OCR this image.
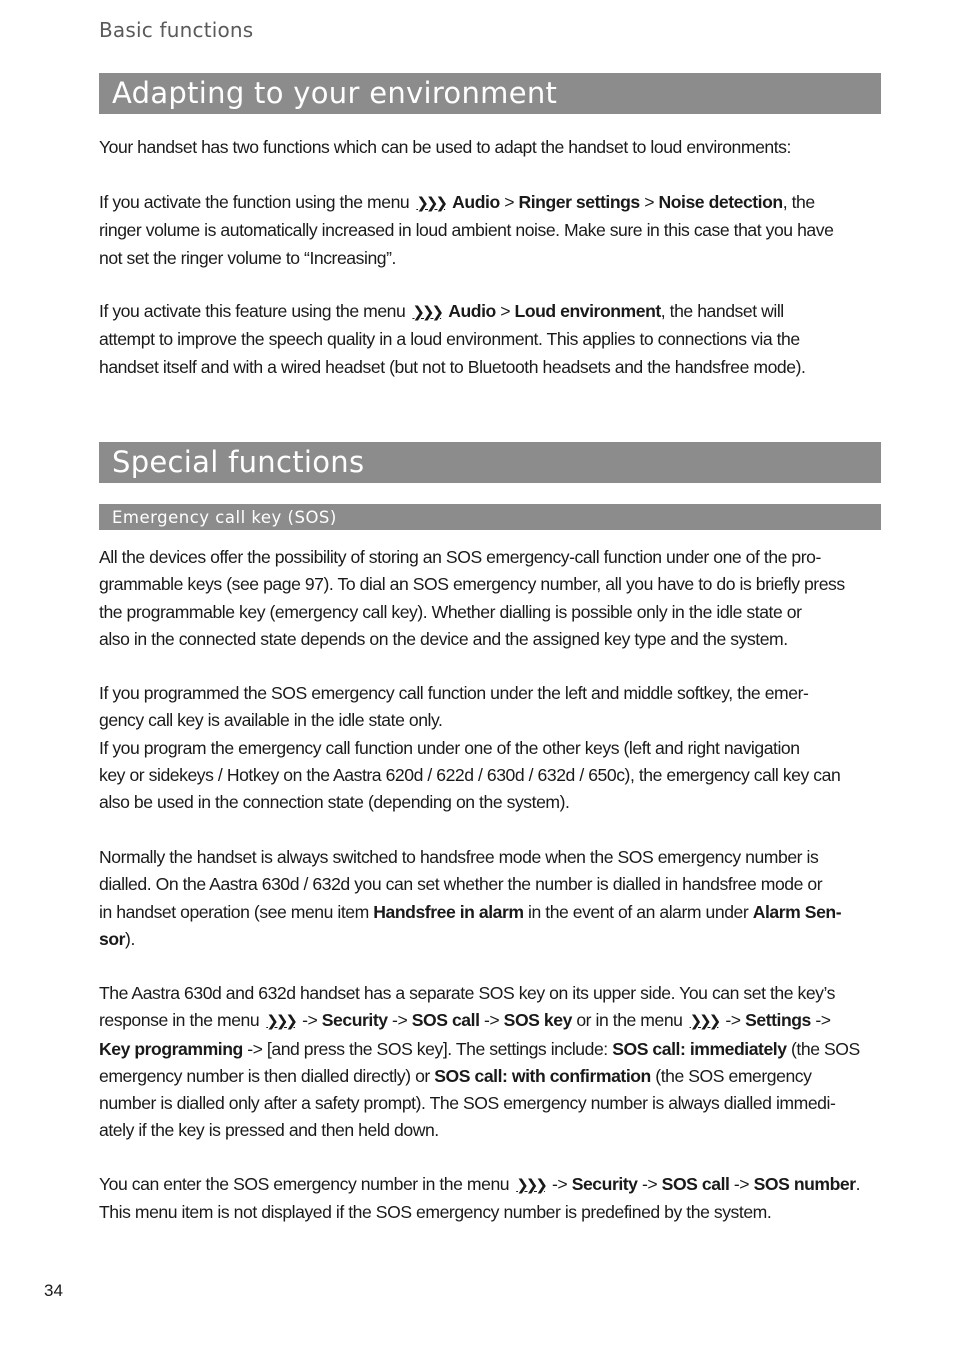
Basic functions
Adapting to your environment
Your handset has two functions which can be used to adapt the handset to loud environments:
If you activate the function using the menu ❯❯❯ Audio > Ringer settings > Noise detection, the
ringer volume is automatically increased in loud ambient noise. Make sure in this case that you have
not set the ringer volume to “Increasing”.
If you activate this feature using the menu ❯❯❯ Audio > Loud environment, the handset will
attempt to improve the speech quality in a loud environment. This applies to connections via the
handset itself and with a wired headset (but not to Bluetooth headsets and the handsfree mode).
Special functions
Emergency call key (SOS)
All the devices offer the possibility of storing an SOS emergency-call function under one of the pro-
grammable keys (see page 97). To dial an SOS emergency number, all you have to do is briefly press
the programmable key (emergency call key). Whether dialling is possible only in the idle state or
also in the connected state depends on the device and the assigned key type and the system.
If you programmed the SOS emergency call function under the left and middle softkey, the emer-
gency call key is available in the idle state only.
If you program the emergency call function under one of the other keys (left and right navigation
key or sidekeys / Hotkey on the Aastra 620d / 622d / 630d / 632d / 650c), the emergency call key can
also be used in the connection state (depending on the system).
Normally the handset is always switched to handsfree mode when the SOS emergency number is
dialled. On the Aastra 630d / 632d you can set whether the number is dialled in handsfree mode or
in handset operation (see menu item Handsfree in alarm in the event of an alarm under Alarm Sen-
sor).
The Aastra 630d and 632d handset has a separate SOS key on its upper side. You can set the key’s
response in the menu ❯❯❯ -> Security -> SOS call -> SOS key or in the menu ❯❯❯ -> Settings ->
Key programming -> [and press the SOS key]. The settings include: SOS call: immediately (the SOS
emergency number is then dialled directly) or SOS call: with confirmation (the SOS emergency
number is dialled only after a safety prompt). The SOS emergency number is always dialled immedi-
ately if the key is pressed and then held down.
You can enter the SOS emergency number in the menu ❯❯❯ -> Security -> SOS call -> SOS number.
This menu item is not displayed if the SOS emergency number is predefined by the system.
34
